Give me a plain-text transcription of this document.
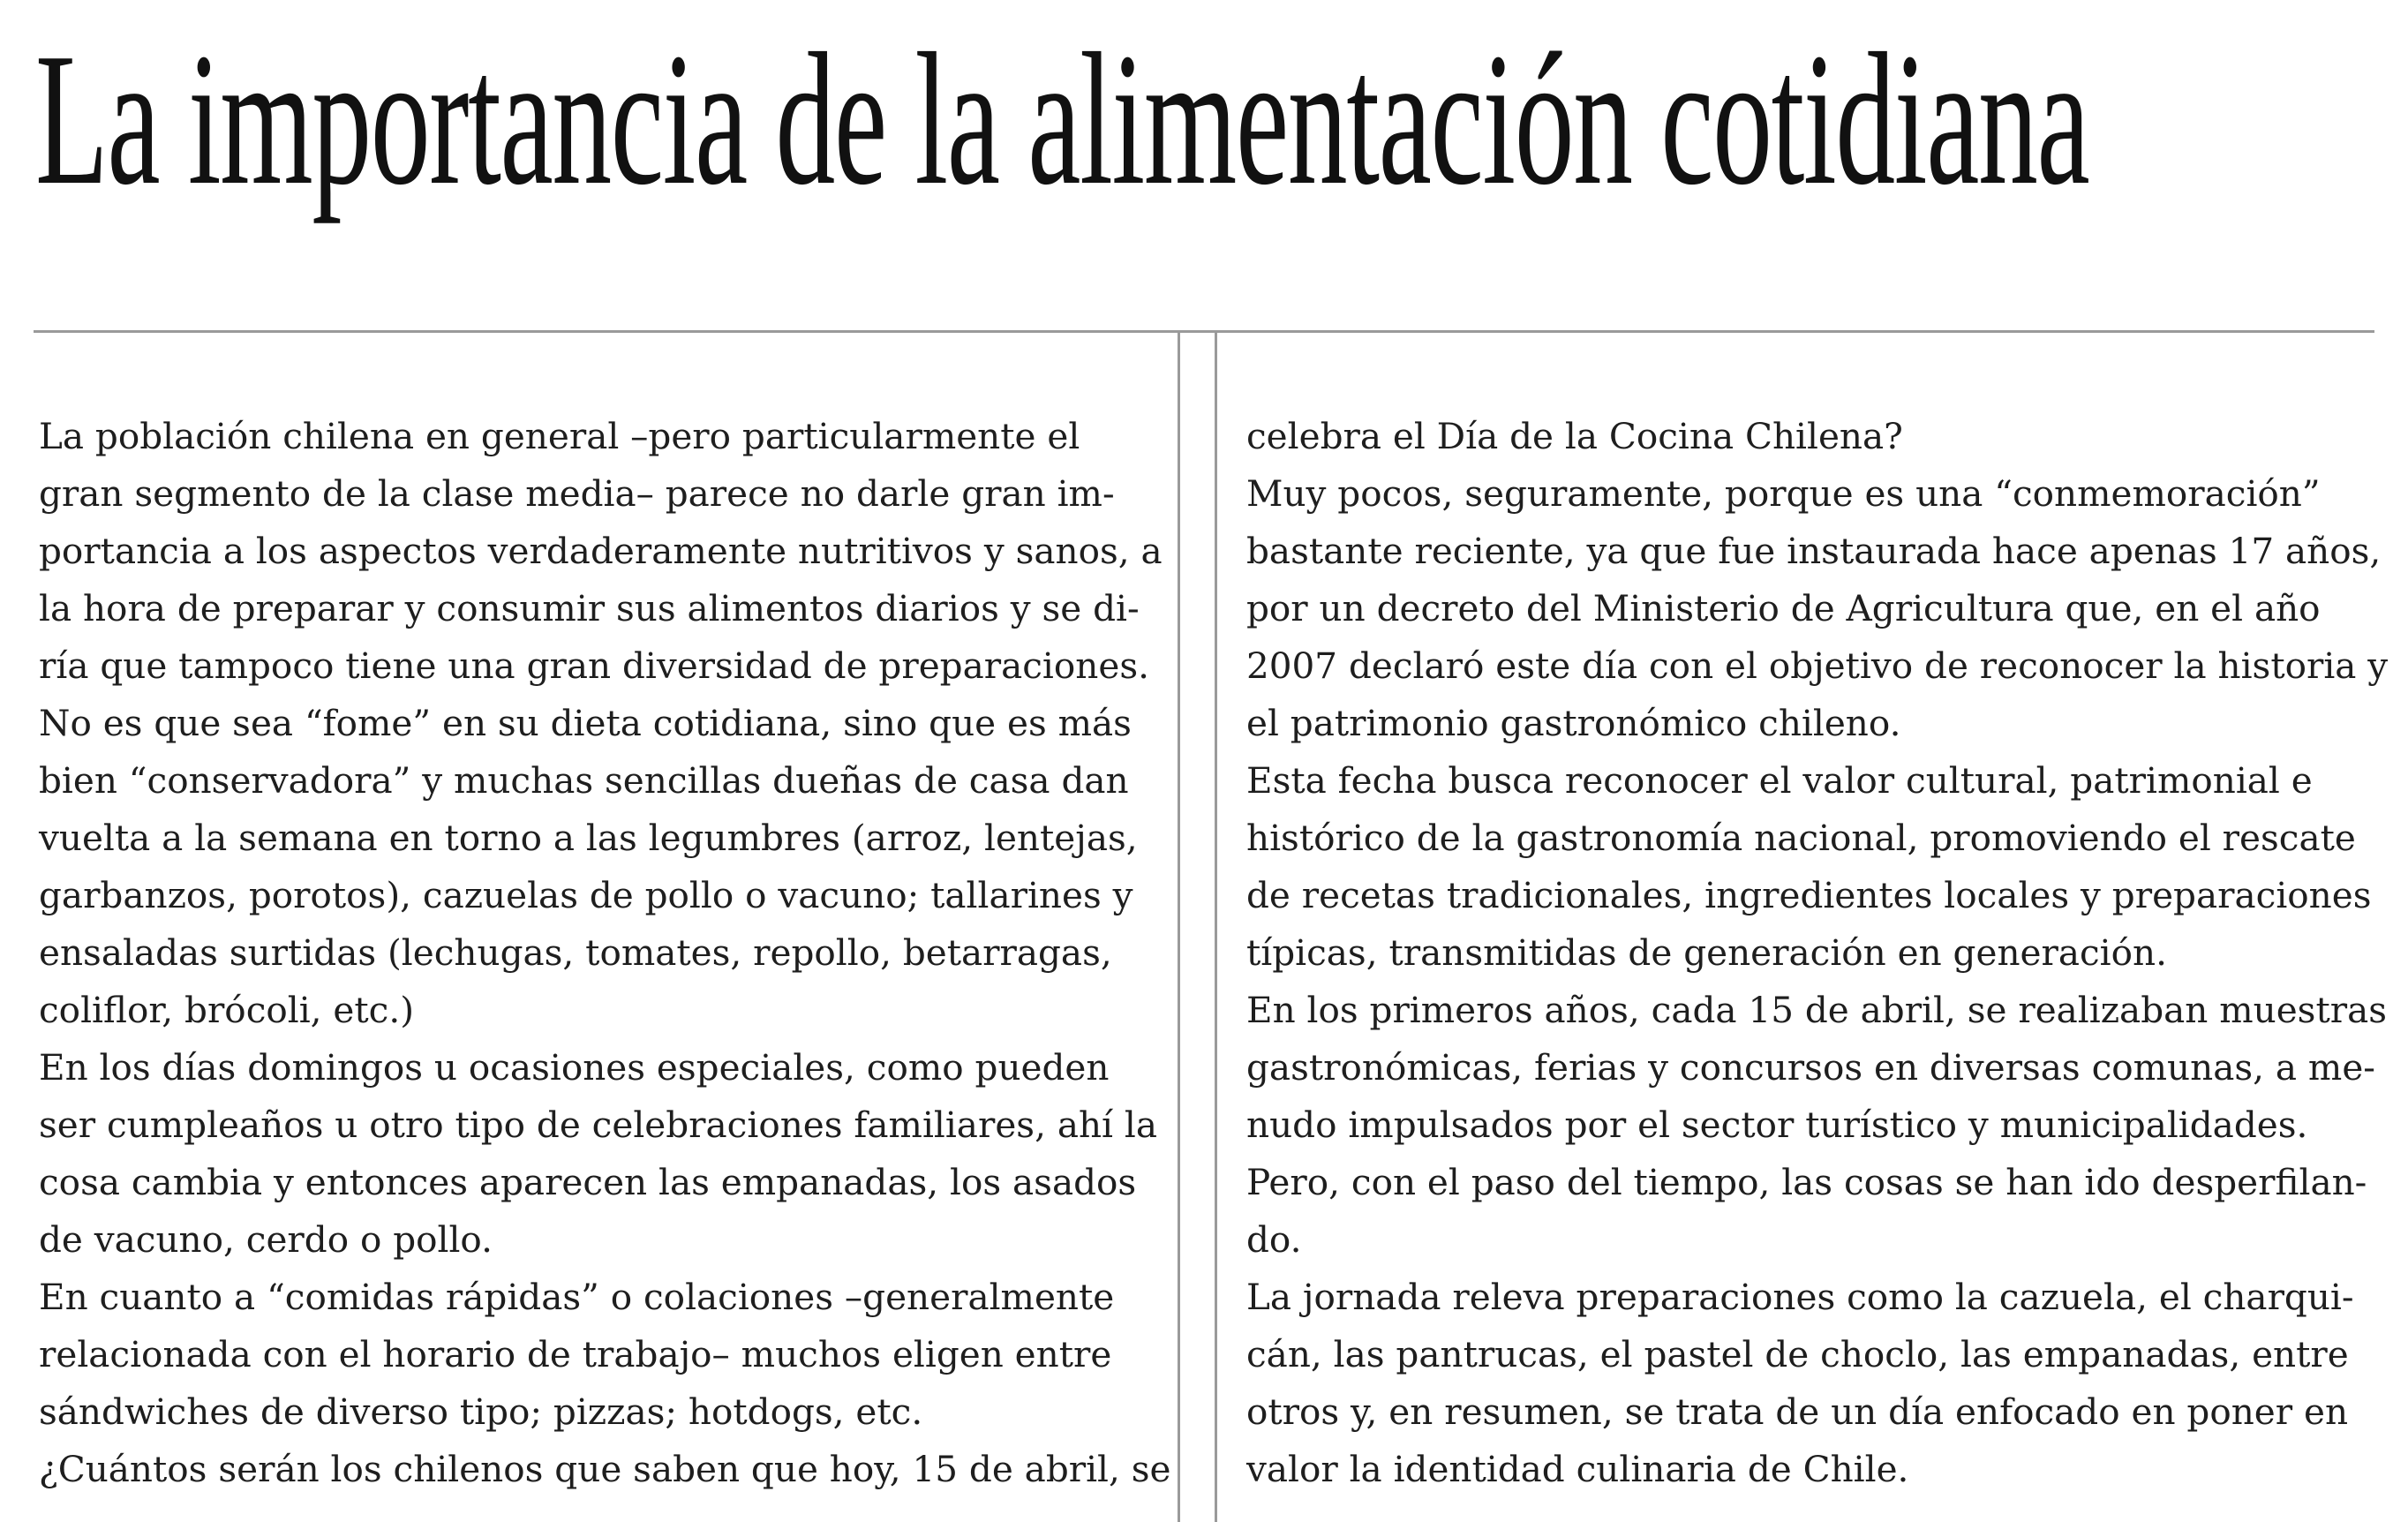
La importancia de la alimentación cotidiana
La población chilena en general –pero particularmente el
gran segmento de la clase media– parece no darle gran im-
portancia a los aspectos verdaderamente nutritivos y sanos, a
la hora de preparar y consumir sus alimentos diarios y se di-
ría que tampoco tiene una gran diversidad de preparaciones.
No es que sea “fome” en su dieta cotidiana, sino que es más
bien “conservadora” y muchas sencillas dueñas de casa dan
vuelta a la semana en torno a las legumbres (arroz, lentejas,
garbanzos, porotos), cazuelas de pollo o vacuno; tallarines y
ensaladas surtidas (lechugas, tomates, repollo, betarragas,
coliflor, brócoli, etc.)
En los días domingos u ocasiones especiales, como pueden
ser cumpleaños u otro tipo de celebraciones familiares, ahí la
cosa cambia y entonces aparecen las empanadas, los asados
de vacuno, cerdo o pollo.
En cuanto a “comidas rápidas” o colaciones –generalmente
relacionada con el horario de trabajo– muchos eligen entre
sándwiches de diverso tipo; pizzas; hotdogs, etc.
¿Cuántos serán los chilenos que saben que hoy, 15 de abril, se
celebra el Día de la Cocina Chilena?
Muy pocos, seguramente, porque es una “conmemoración”
bastante reciente, ya que fue instaurada hace apenas 17 años,
por un decreto del Ministerio de Agricultura que, en el año
2007 declaró este día con el objetivo de reconocer la historia y
el patrimonio gastronómico chileno.
Esta fecha busca reconocer el valor cultural, patrimonial e
histórico de la gastronomía nacional, promoviendo el rescate
de recetas tradicionales, ingredientes locales y preparaciones
típicas, transmitidas de generación en generación.
En los primeros años, cada 15 de abril, se realizaban muestras
gastronómicas, ferias y concursos en diversas comunas, a me-
nudo impulsados por el sector turístico y municipalidades.
Pero, con el paso del tiempo, las cosas se han ido desperfilan-
do.
La jornada releva preparaciones como la cazuela, el charqui-
cán, las pantrucas, el pastel de choclo, las empanadas, entre
otros y, en resumen, se trata de un día enfocado en poner en
valor la identidad culinaria de Chile.
